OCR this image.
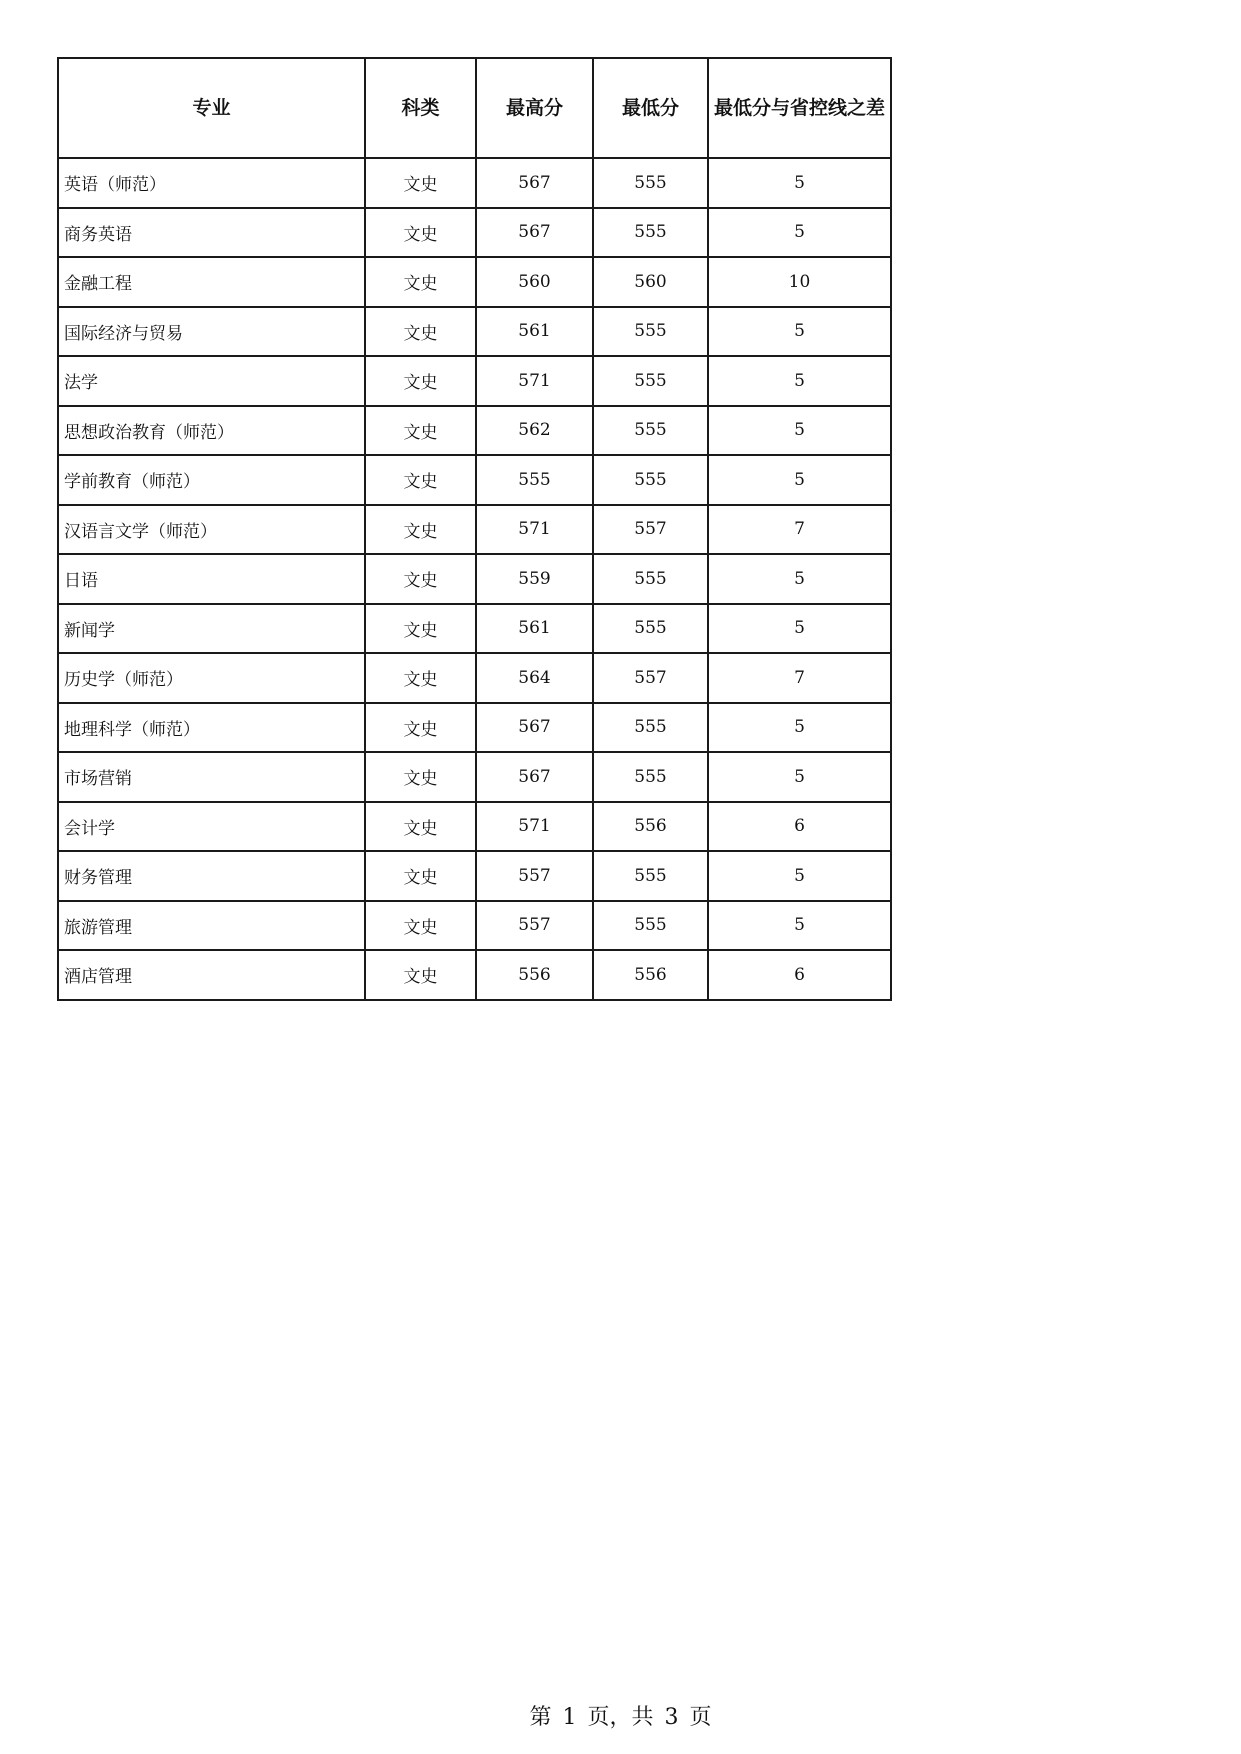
专业	科类	最高分	最低分	最低分与省控线之差
英语（师范）	文史	567	555	5
商务英语	文史	567	555	5
金融工程	文史	560	560	10
国际经济与贸易	文史	561	555	5
法学	文史	571	555	5
思想政治教育（师范）	文史	562	555	5
学前教育（师范）	文史	555	555	5
汉语言文学（师范）	文史	571	557	7
日语	文史	559	555	5
新闻学	文史	561	555	5
历史学（师范）	文史	564	557	7
地理科学（师范）	文史	567	555	5
市场营销	文史	567	555	5
会计学	文史	571	556	6
财务管理	文史	557	555	5
旅游管理	文史	557	555	5
酒店管理	文史	556	556	6
第 1 页，共 3 页
